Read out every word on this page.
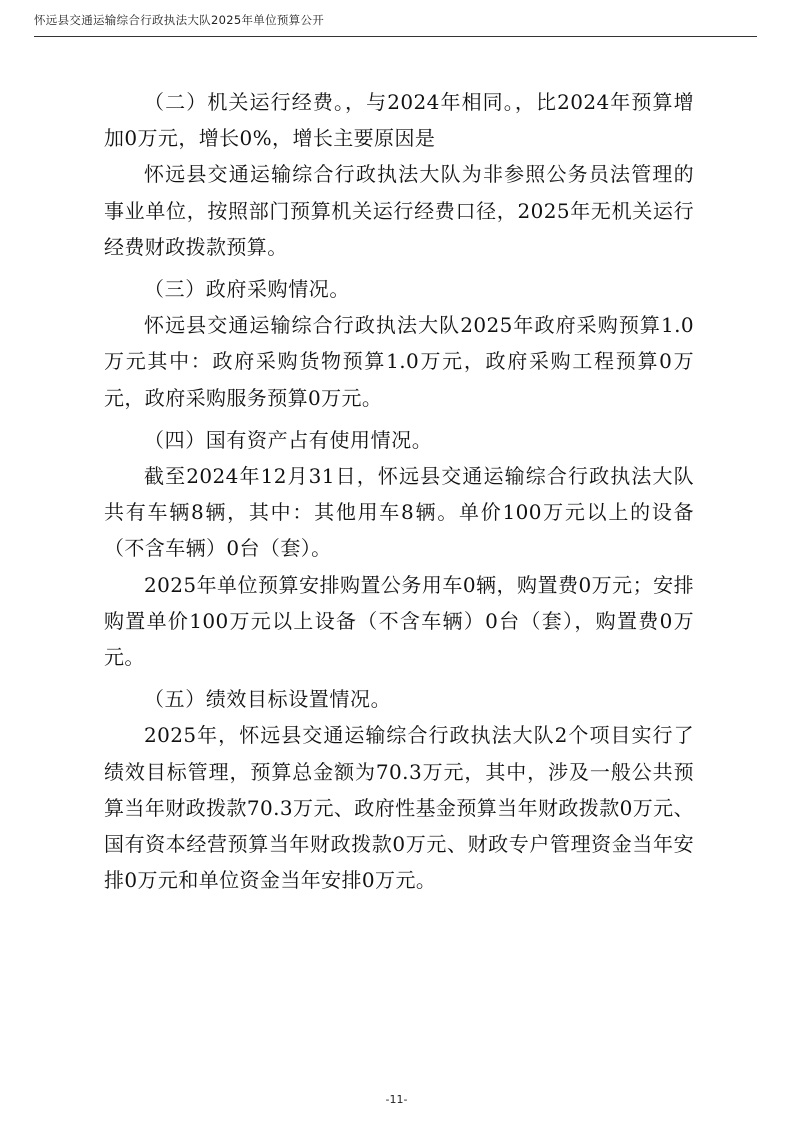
怀远县交通运输综合行政执法大队2025年单位预算公开
（二）机关运行经费。，与2024年相同。，比2024年预算增加0万元，增长0%，增长主要原因是
怀远县交通运输综合行政执法大队为非参照公务员法管理的事业单位，按照部门预算机关运行经费口径，2025年无机关运行经费财政拨款预算。
（三）政府采购情况。
怀远县交通运输综合行政执法大队2025年政府采购预算1.0万元其中：政府采购货物预算1.0万元，政府采购工程预算0万元，政府采购服务预算0万元。
（四）国有资产占有使用情况。
截至2024年12月31日，怀远县交通运输综合行政执法大队共有车辆8辆，其中：其他用车8辆。单价100万元以上的设备（不含车辆）0台（套）。
2025年单位预算安排购置公务用车0辆，购置费0万元；安排购置单价100万元以上设备（不含车辆）0台（套），购置费0万元。
（五）绩效目标设置情况。
2025年，怀远县交通运输综合行政执法大队2个项目实行了绩效目标管理，预算总金额为70.3万元，其中，涉及一般公共预算当年财政拨款70.3万元、政府性基金预算当年财政拨款0万元、国有资本经营预算当年财政拨款0万元、财政专户管理资金当年安排0万元和单位资金当年安排0万元。
-11-
